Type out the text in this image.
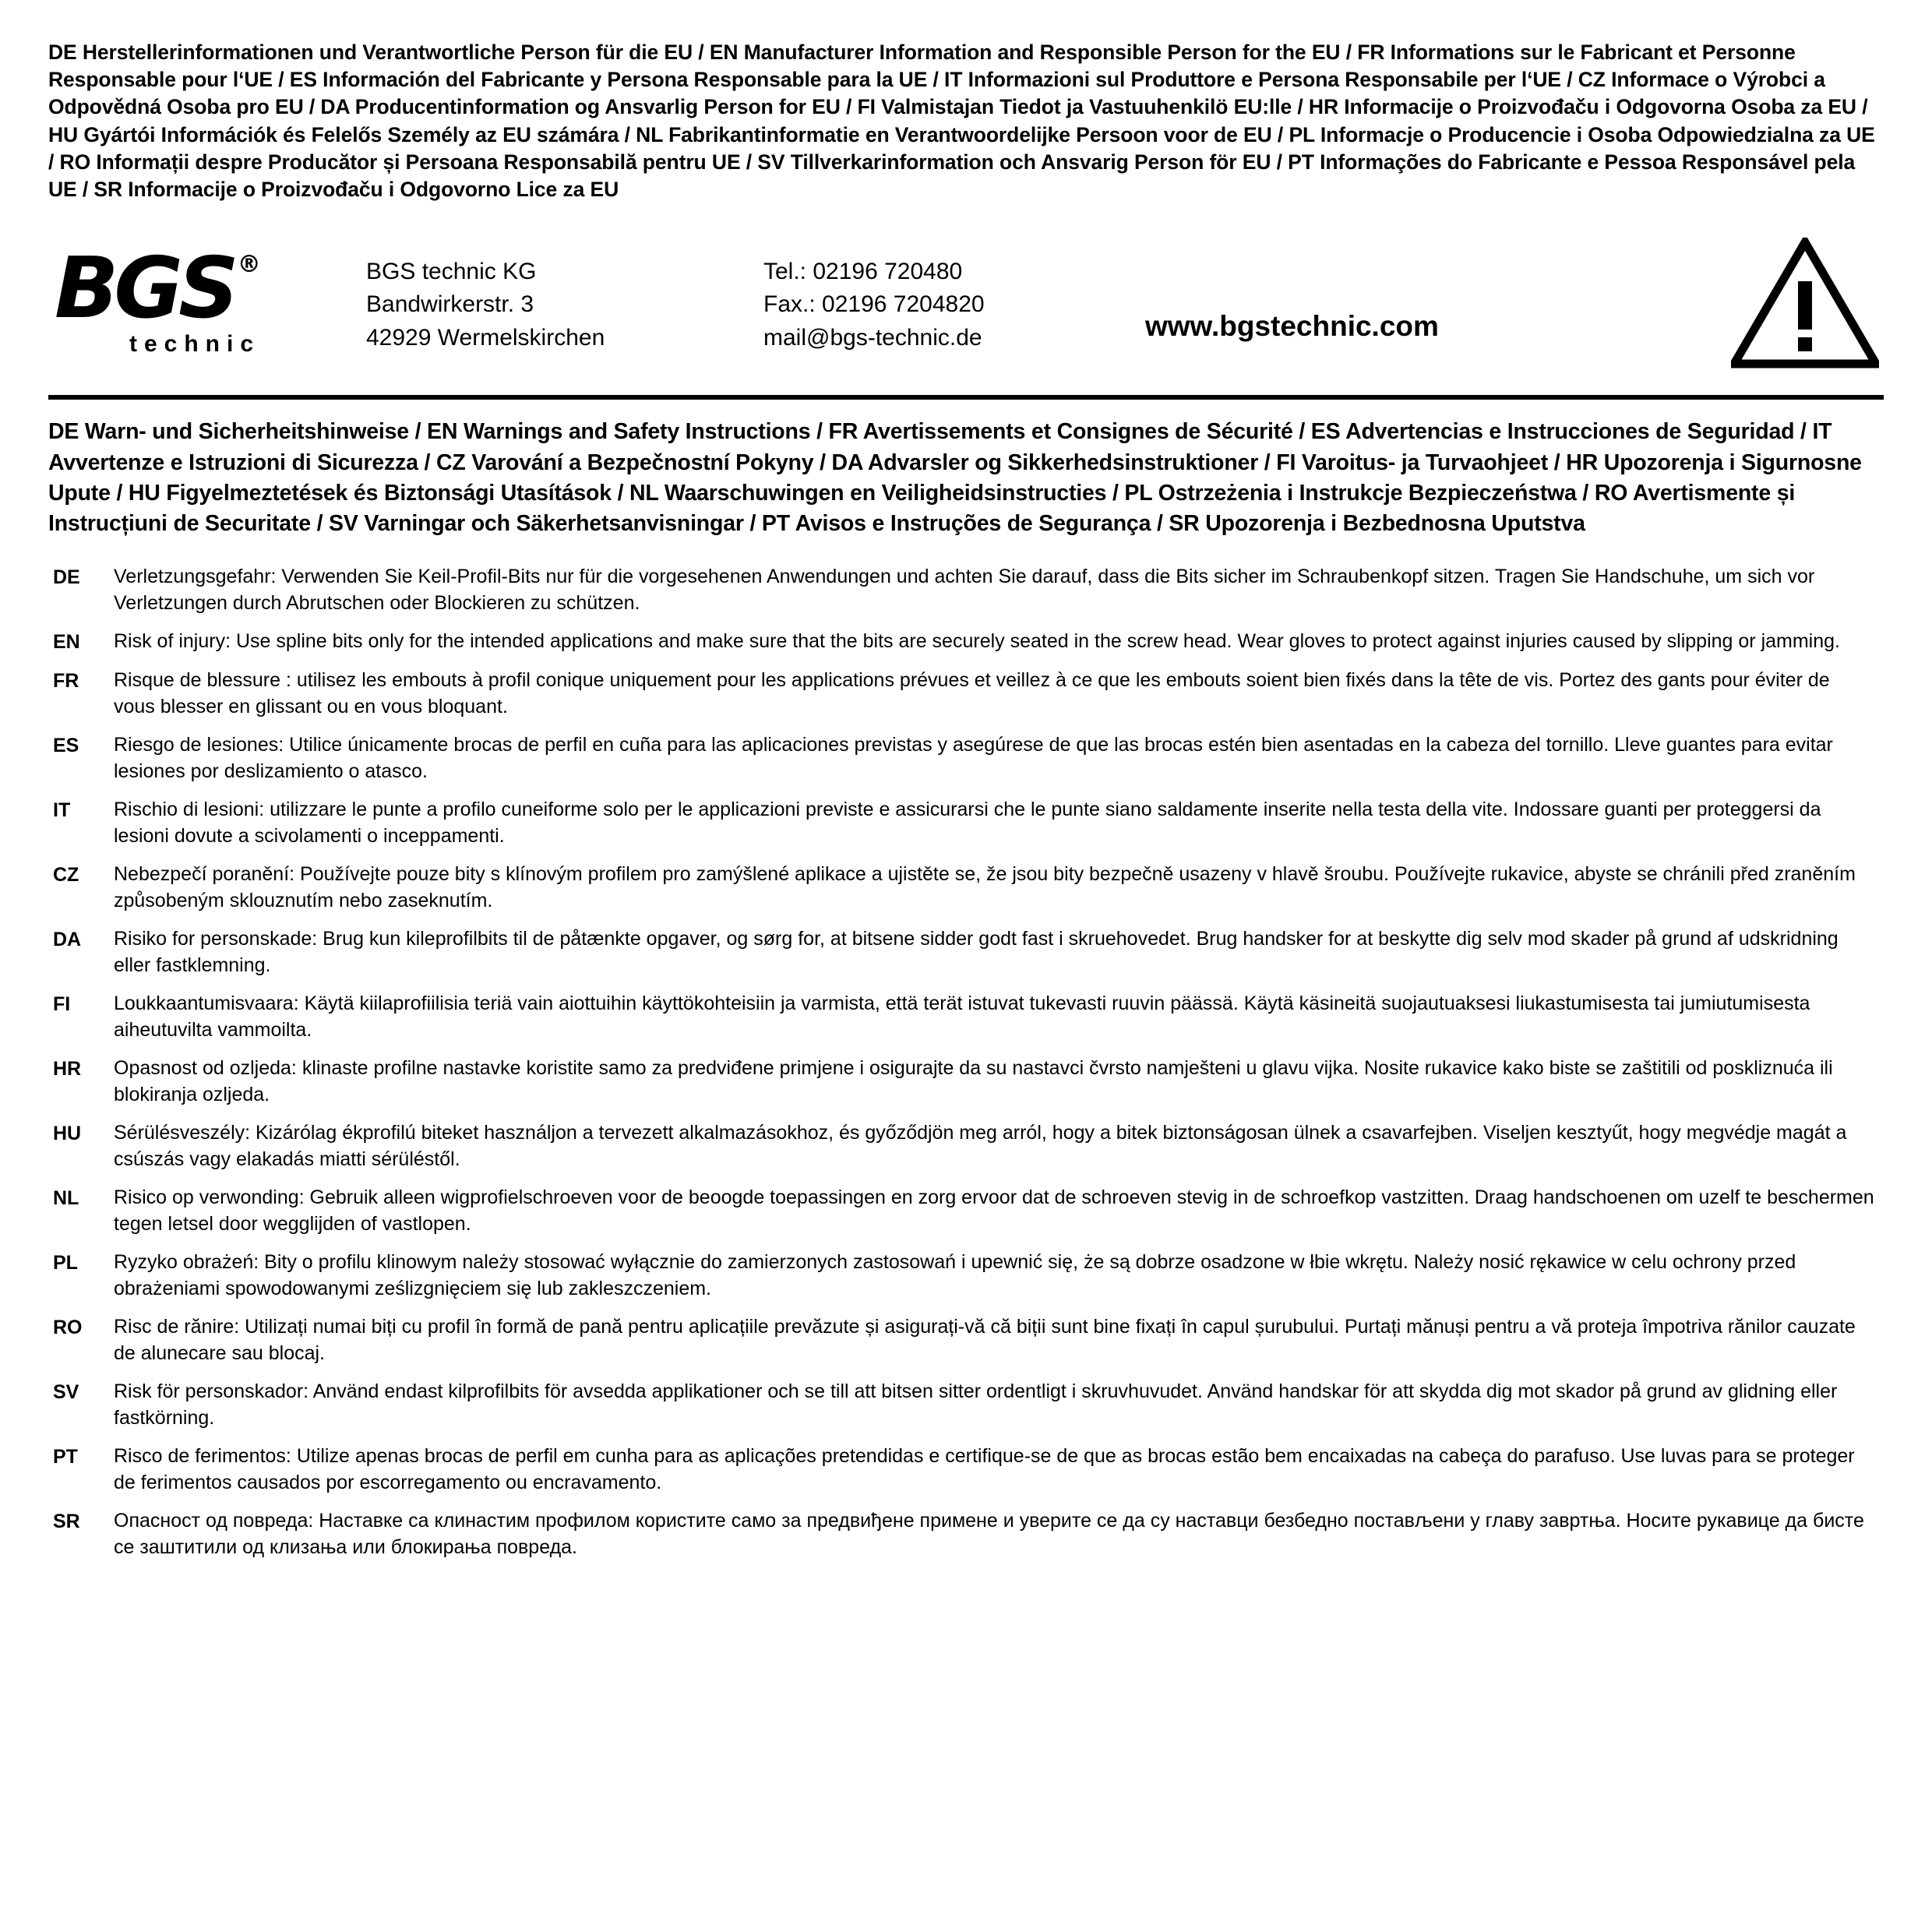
DE Herstellerinformationen und Verantwortliche Person für die EU / EN Manufacturer Information and Responsible Person for the EU / FR Informations sur le Fabricant et Personne Responsable pour l‘UE / ES Información del Fabricante y Persona Responsable para la UE / IT Informazioni sul Produttore e Persona Responsabile per l‘UE / CZ Informace o Výrobci a Odpovědná Osoba pro EU / DA Producentinformation og Ansvarlig Person for EU / FI Valmistajan Tiedot ja Vastuuhenkilö EU:lle / HR Informacije o Proizvođaču i Odgovorna Osoba za EU / HU Gyártói Információk és Felelős Személy az EU számára / NL Fabrikantinformatie en Verantwoordelijke Persoon voor de EU / PL Informacje o Producencie i Osoba Odpowiedzialna za UE / RO Informații despre Producător și Persoana Responsabilă pentru UE / SV Tillverkarinformation och Ansvarig Person för EU / PT Informações do Fabricante e Pessoa Responsável pela UE / SR Informacije o Proizvođaču i Odgovorno Lice za EU
BGS ®
technic
BGS technic KG
Bandwirkerstr. 3
42929 Wermelskirchen
Tel.: 02196 720480
Fax.: 02196 7204820
mail@bgs-technic.de	www.bgstechnic.com
DE Warn- und Sicherheitshinweise / EN Warnings and Safety Instructions / FR Avertissements et Consignes de Sécurité / ES Advertencias e Instrucciones de Seguridad / IT Avvertenze e Istruzioni di Sicurezza / CZ Varování a Bezpečnostní Pokyny / DA Advarsler og Sikkerhedsinstruktioner / FI Varoitus- ja Turvaohjeet / HR Upozorenja i Sigurnosne Upute / HU Figyelmeztetések és Biztonsági Utasítások / NL Waarschuwingen en Veiligheidsinstructies / PL Ostrzeżenia i Instrukcje Bezpieczeństwa / RO Avertismente și Instrucțiuni de Securitate / SV Varningar och Säkerhetsanvisningar / PT Avisos e Instruções de Segurança / SR Upozorenja i Bezbednosna Uputstva
DE	Verletzungsgefahr: Verwenden Sie Keil-Profil-Bits nur für die vorgesehenen Anwendungen und achten Sie darauf, dass die Bits sicher im Schraubenkopf sitzen. Tragen Sie Handschuhe, um sich vor Verletzungen durch Abrutschen oder Blockieren zu schützen.
EN	Risk of injury: Use spline bits only for the intended applications and make sure that the bits are securely seated in the screw head. Wear gloves to protect against injuries caused by slipping or jamming.
FR	Risque de blessure : utilisez les embouts à profil conique uniquement pour les applications prévues et veillez à ce que les embouts soient bien fixés dans la tête de vis. Portez des gants pour éviter de vous blesser en glissant ou en vous bloquant.
ES	Riesgo de lesiones: Utilice únicamente brocas de perfil en cuña para las aplicaciones previstas y asegúrese de que las brocas estén bien asentadas en la cabeza del tornillo. Lleve guantes para evitar lesiones por deslizamiento o atasco.
IT	Rischio di lesioni: utilizzare le punte a profilo cuneiforme solo per le applicazioni previste e assicurarsi che le punte siano saldamente inserite nella testa della vite. Indossare guanti per proteggersi da lesioni dovute a scivolamenti o inceppamenti.
CZ	Nebezpečí poranění: Používejte pouze bity s klínovým profilem pro zamýšlené aplikace a ujistěte se, že jsou bity bezpečně usazeny v hlavě šroubu. Používejte rukavice, abyste se chránili před zraněním způsobeným sklouznutím nebo zaseknutím.
DA	Risiko for personskade: Brug kun kileprofilbits til de påtænkte opgaver, og sørg for, at bitsene sidder godt fast i skruehovedet. Brug handsker for at beskytte dig selv mod skader på grund af udskridning eller fastklemning.
FI	Loukkaantumisvaara: Käytä kiilaprofiilisia teriä vain aiottuihin käyttökohteisiin ja varmista, että terät istuvat tukevasti ruuvin päässä. Käytä käsineitä suojautuaksesi liukastumisesta tai jumiutumisesta aiheutuvilta vammoilta.
HR	Opasnost od ozljeda: klinaste profilne nastavke koristite samo za predviđene primjene i osigurajte da su nastavci čvrsto namješteni u glavu vijka. Nosite rukavice kako biste se zaštitili od poskliznuća ili blokiranja ozljeda.
HU	Sérülésveszély: Kizárólag ékprofilú biteket használjon a tervezett alkalmazásokhoz, és győződjön meg arról, hogy a bitek biztonságosan ülnek a csavarfejben. Viseljen kesztyűt, hogy megvédje magát a csúszás vagy elakadás miatti sérüléstől.
NL	Risico op verwonding: Gebruik alleen wigprofielschroeven voor de beoogde toepassingen en zorg ervoor dat de schroeven stevig in de schroefkop vastzitten. Draag handschoenen om uzelf te beschermen tegen letsel door wegglijden of vastlopen.
PL	Ryzyko obrażeń: Bity o profilu klinowym należy stosować wyłącznie do zamierzonych zastosowań i upewnić się, że są dobrze osadzone w łbie wkrętu. Należy nosić rękawice w celu ochrony przed obrażeniami spowodowanymi ześlizgnięciem się lub zakleszczeniem.
RO	Risc de rănire: Utilizați numai biți cu profil în formă de pană pentru aplicațiile prevăzute și asigurați-vă că biții sunt bine fixați în capul șurubului. Purtați mănuși pentru a vă proteja împotriva rănilor cauzate de alunecare sau blocaj.
SV	Risk för personskador: Använd endast kilprofilbits för avsedda applikationer och se till att bitsen sitter ordentligt i skruvhuvudet. Använd handskar för att skydda dig mot skador på grund av glidning eller fastkörning.
PT	Risco de ferimentos: Utilize apenas brocas de perfil em cunha para as aplicações pretendidas e certifique-se de que as brocas estão bem encaixadas na cabeça do parafuso. Use luvas para se proteger de ferimentos causados por escorregamento ou encravamento.
SR	Опасност од повреда: Наставке са клинастим профилом користите само за предвиђене примене и уверите се да су наставци безбедно постављени у главу завртња. Носите рукавице да бисте се заштитили од клизања или блокирања повреда.
